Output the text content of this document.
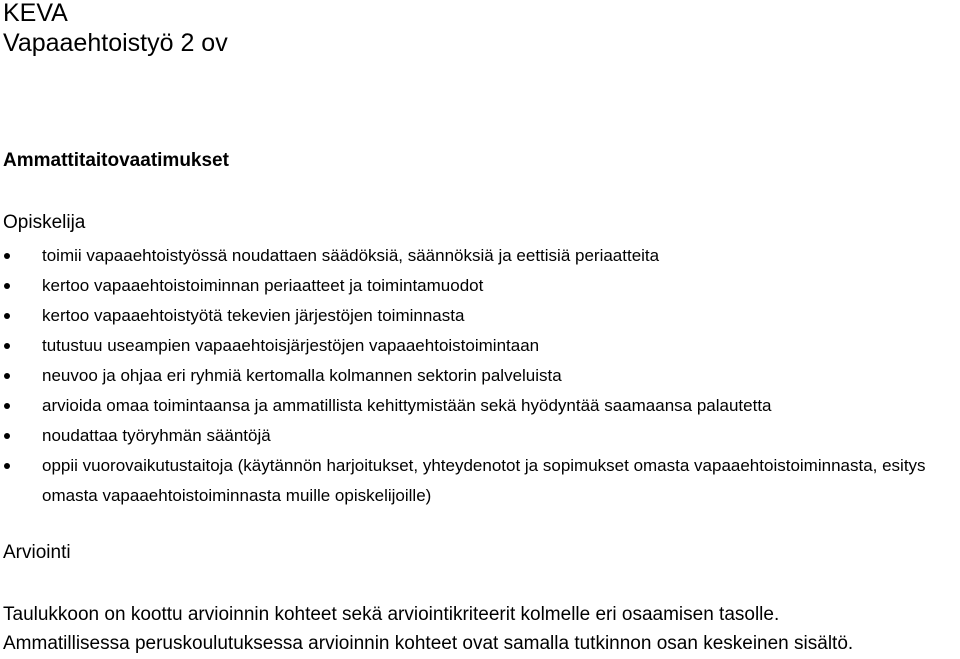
KEVA
Vapaaehtoistyö 2 ov
Ammattitaitovaatimukset
Opiskelija
toimii vapaaehtoistyössä noudattaen säädöksiä, säännöksiä ja eettisiä periaatteita
kertoo vapaaehtoistoiminnan periaatteet ja toimintamuodot
kertoo vapaaehtoistyötä tekevien järjestöjen toiminnasta
tutustuu useampien vapaaehtoisjärjestöjen vapaaehtoistoimintaan
neuvoo ja ohjaa eri ryhmiä kertomalla kolmannen sektorin palveluista
arvioida omaa toimintaansa ja ammatillista kehittymistään sekä hyödyntää saamaansa palautetta
noudattaa työryhmän sääntöjä
oppii vuorovaikutustaitoja (käytännön harjoitukset, yhteydenotot ja sopimukset omasta vapaaehtoistoiminnasta, esitys omasta vapaaehtoistoiminnasta muille opiskelijoille)
Arviointi
Taulukkoon on koottu arvioinnin kohteet sekä arviointikriteerit kolmelle eri osaamisen tasolle.
Ammatillisessa peruskoulutuksessa arvioinnin kohteet ovat samalla tutkinnon osan keskeinen sisältö.
